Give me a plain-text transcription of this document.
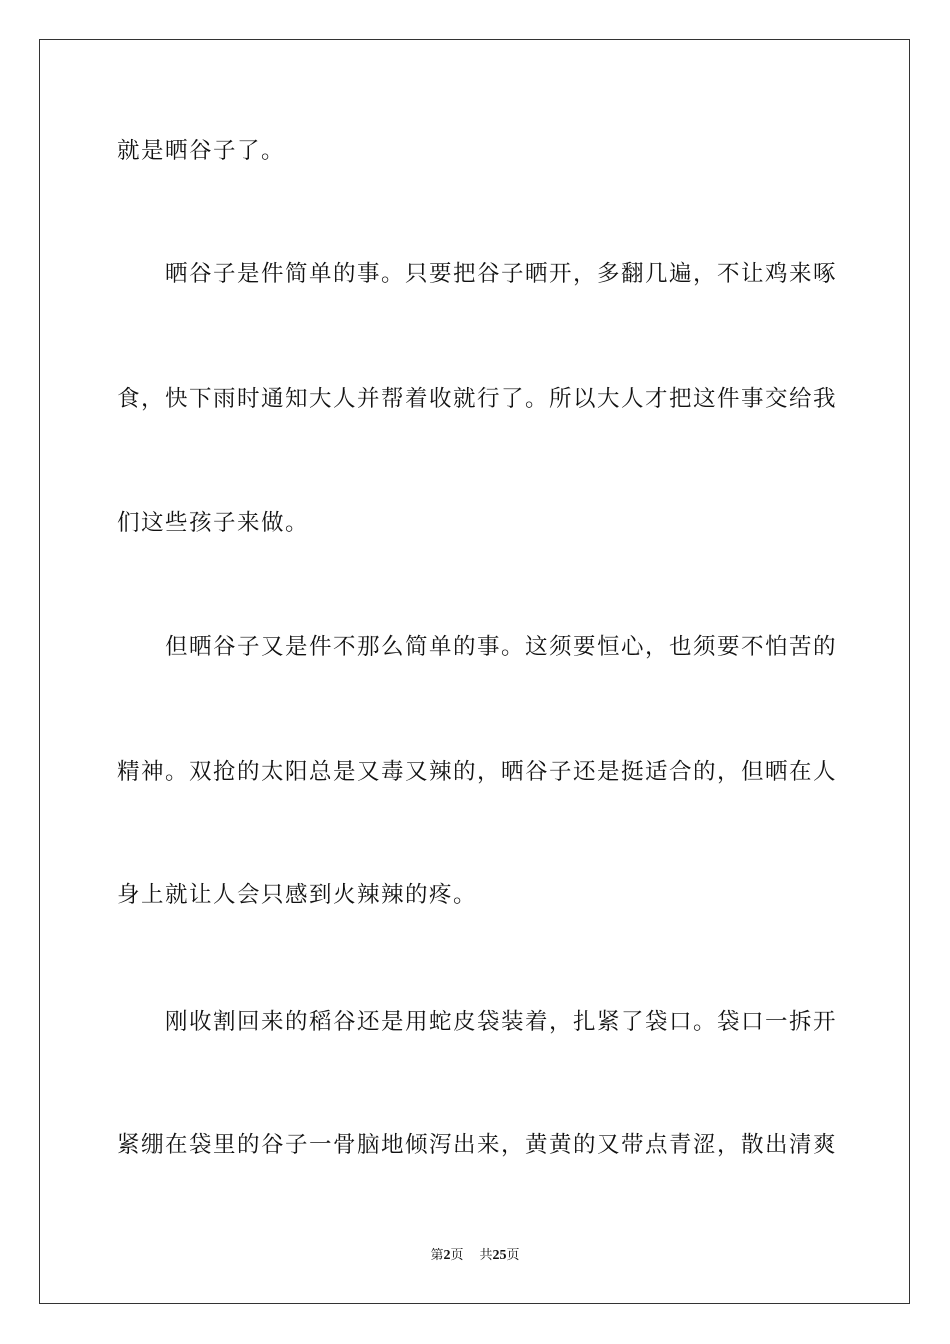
就是晒谷子了。
晒谷子是件简单的事。只要把谷子晒开，多翻几遍，不让鸡来啄
食，快下雨时通知大人并帮着收就行了。所以大人才把这件事交给我
们这些孩子来做。
但晒谷子又是件不那么简单的事。这须要恒心，也须要不怕苦的
精神。双抢的太阳总是又毒又辣的，晒谷子还是挺适合的，但晒在人
身上就让人会只感到火辣辣的疼。
刚收割回来的稻谷还是用蛇皮袋装着，扎紧了袋口。袋口一拆开
紧绷在袋里的谷子一骨脑地倾泻出来，黄黄的又带点青涩，散出清爽
第2页 共25页
